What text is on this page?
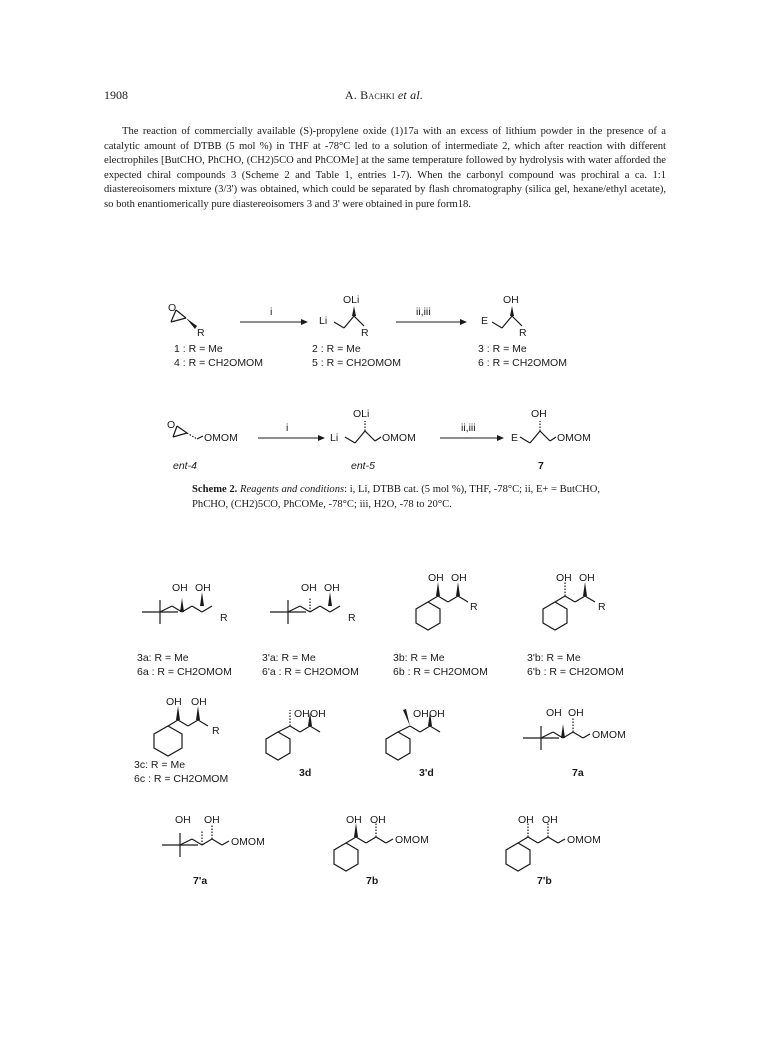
1908	A. Bachki et al.
The reaction of commercially available (S)-propylene oxide (1)17a with an excess of lithium powder in the presence of a catalytic amount of DTBB (5 mol %) in THF at -78°C led to a solution of intermediate 2, which after reaction with different electrophiles [ButCHO, PhCHO, (CH2)5CO and PhCOMe] at the same temperature followed by hydrolysis with water afforded the expected chiral compounds 3 (Scheme 2 and Table 1, entries 1-7). When the carbonyl compound was prochiral a ca. 1:1 diastereoisomers mixture (3/3') was obtained, which could be separated by flash chromatography (silica gel, hexane/ethyl acetate), so both enantiomerically pure diastereoisomers 3 and 3' were obtained in pure form18.
O
R
i
Li
OLi
R
ii,iii
E
OH
R
1 : R = Me
4 : R = CH2OMOM
2 : R = Me
5 : R = CH2OMOM
3 : R = Me
6 : R = CH2OMOM
O
OMOM
i
Li
OLi
OMOM
ii,iii
E
OH
OMOM
ent-4	ent-5	7
OH OH
R
3a: R = Me
6a : R = CH2OMOM
OH OH
R
3'a: R = Me
6'a : R = CH2OMOM
OH OH
R
3b: R = Me
6b : R = CH2OMOM
OH OH
R
3'b: R = Me
6'b : R = CH2OMOM
OH OH
R
3c: R = Me
6c : R = CH2OMOM
OH OH
3d
OH OH
3'd
OH OH
OMOM
7a
OH OH
OMOM
7'a
OH OH
OMOM
7b
OH OH
OMOM
7'b
Scheme 2. Reagents and conditions: i, Li, DTBB cat. (5 mol %), THF, -78°C; ii, E+ = ButCHO, PhCHO, (CH2)5CO, PhCOMe, -78°C; iii, H2O, -78 to 20°C.
